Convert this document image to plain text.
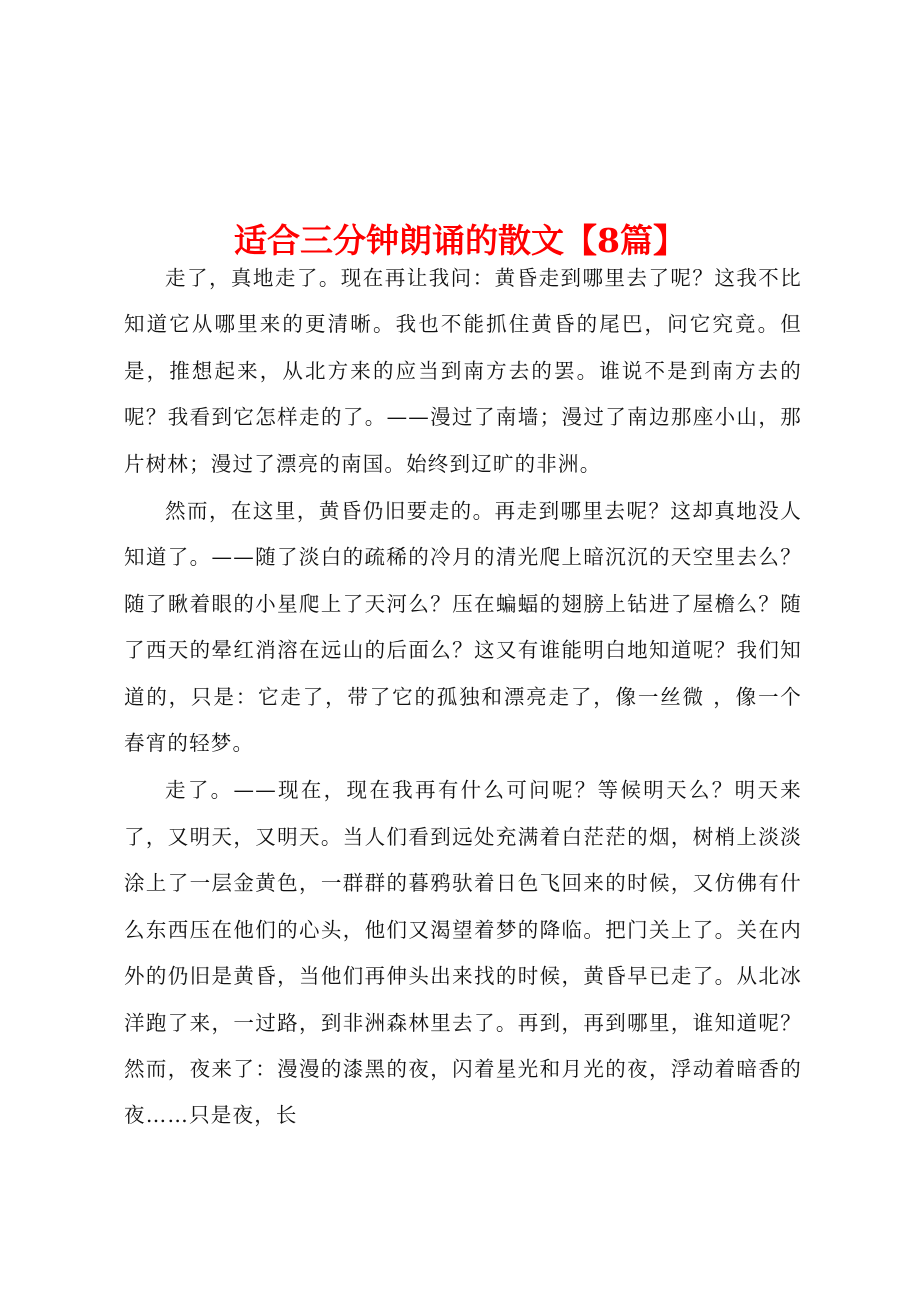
适合三分钟朗诵的散文【8篇】

走了，真地走了。现在再让我问：黄昏走到哪里去了呢？这我不比知道它从哪里来的更清晰。我也不能抓住黄昏的尾巴，问它究竟。但是，推想起来，从北方来的应当到南方去的罢。谁说不是到南方去的呢？我看到它怎样走的了。——漫过了南墙；漫过了南边那座小山，那片树林；漫过了漂亮的南国。始终到辽旷的非洲。

然而，在这里，黄昏仍旧要走的。再走到哪里去呢？这却真地没人知道了。——随了淡白的疏稀的冷月的清光爬上暗沉沉的天空里去么？随了瞅着眼的小星爬上了天河么？压在蝙蝠的翅膀上钻进了屋檐么？随了西天的晕红消溶在远山的后面么？这又有谁能明白地知道呢？我们知道的，只是：它走了，带了它的孤独和漂亮走了，像一丝微 ，像一个春宵的轻梦。

走了。——现在，现在我再有什么可问呢？等候明天么？明天来了，又明天，又明天。当人们看到远处充满着白茫茫的烟，树梢上淡淡涂上了一层金黄色，一群群的暮鸦驮着日色飞回来的时候，又仿佛有什么东西压在他们的心头，他们又渴望着梦的降临。把门关上了。关在内外的仍旧是黄昏，当他们再伸头出来找的时候，黄昏早已走了。从北冰洋跑了来，一过路，到非洲森林里去了。再到，再到哪里，谁知道呢？然而，夜来了：漫漫的漆黑的夜，闪着星光和月光的夜，浮动着暗香的夜……只是夜，长
